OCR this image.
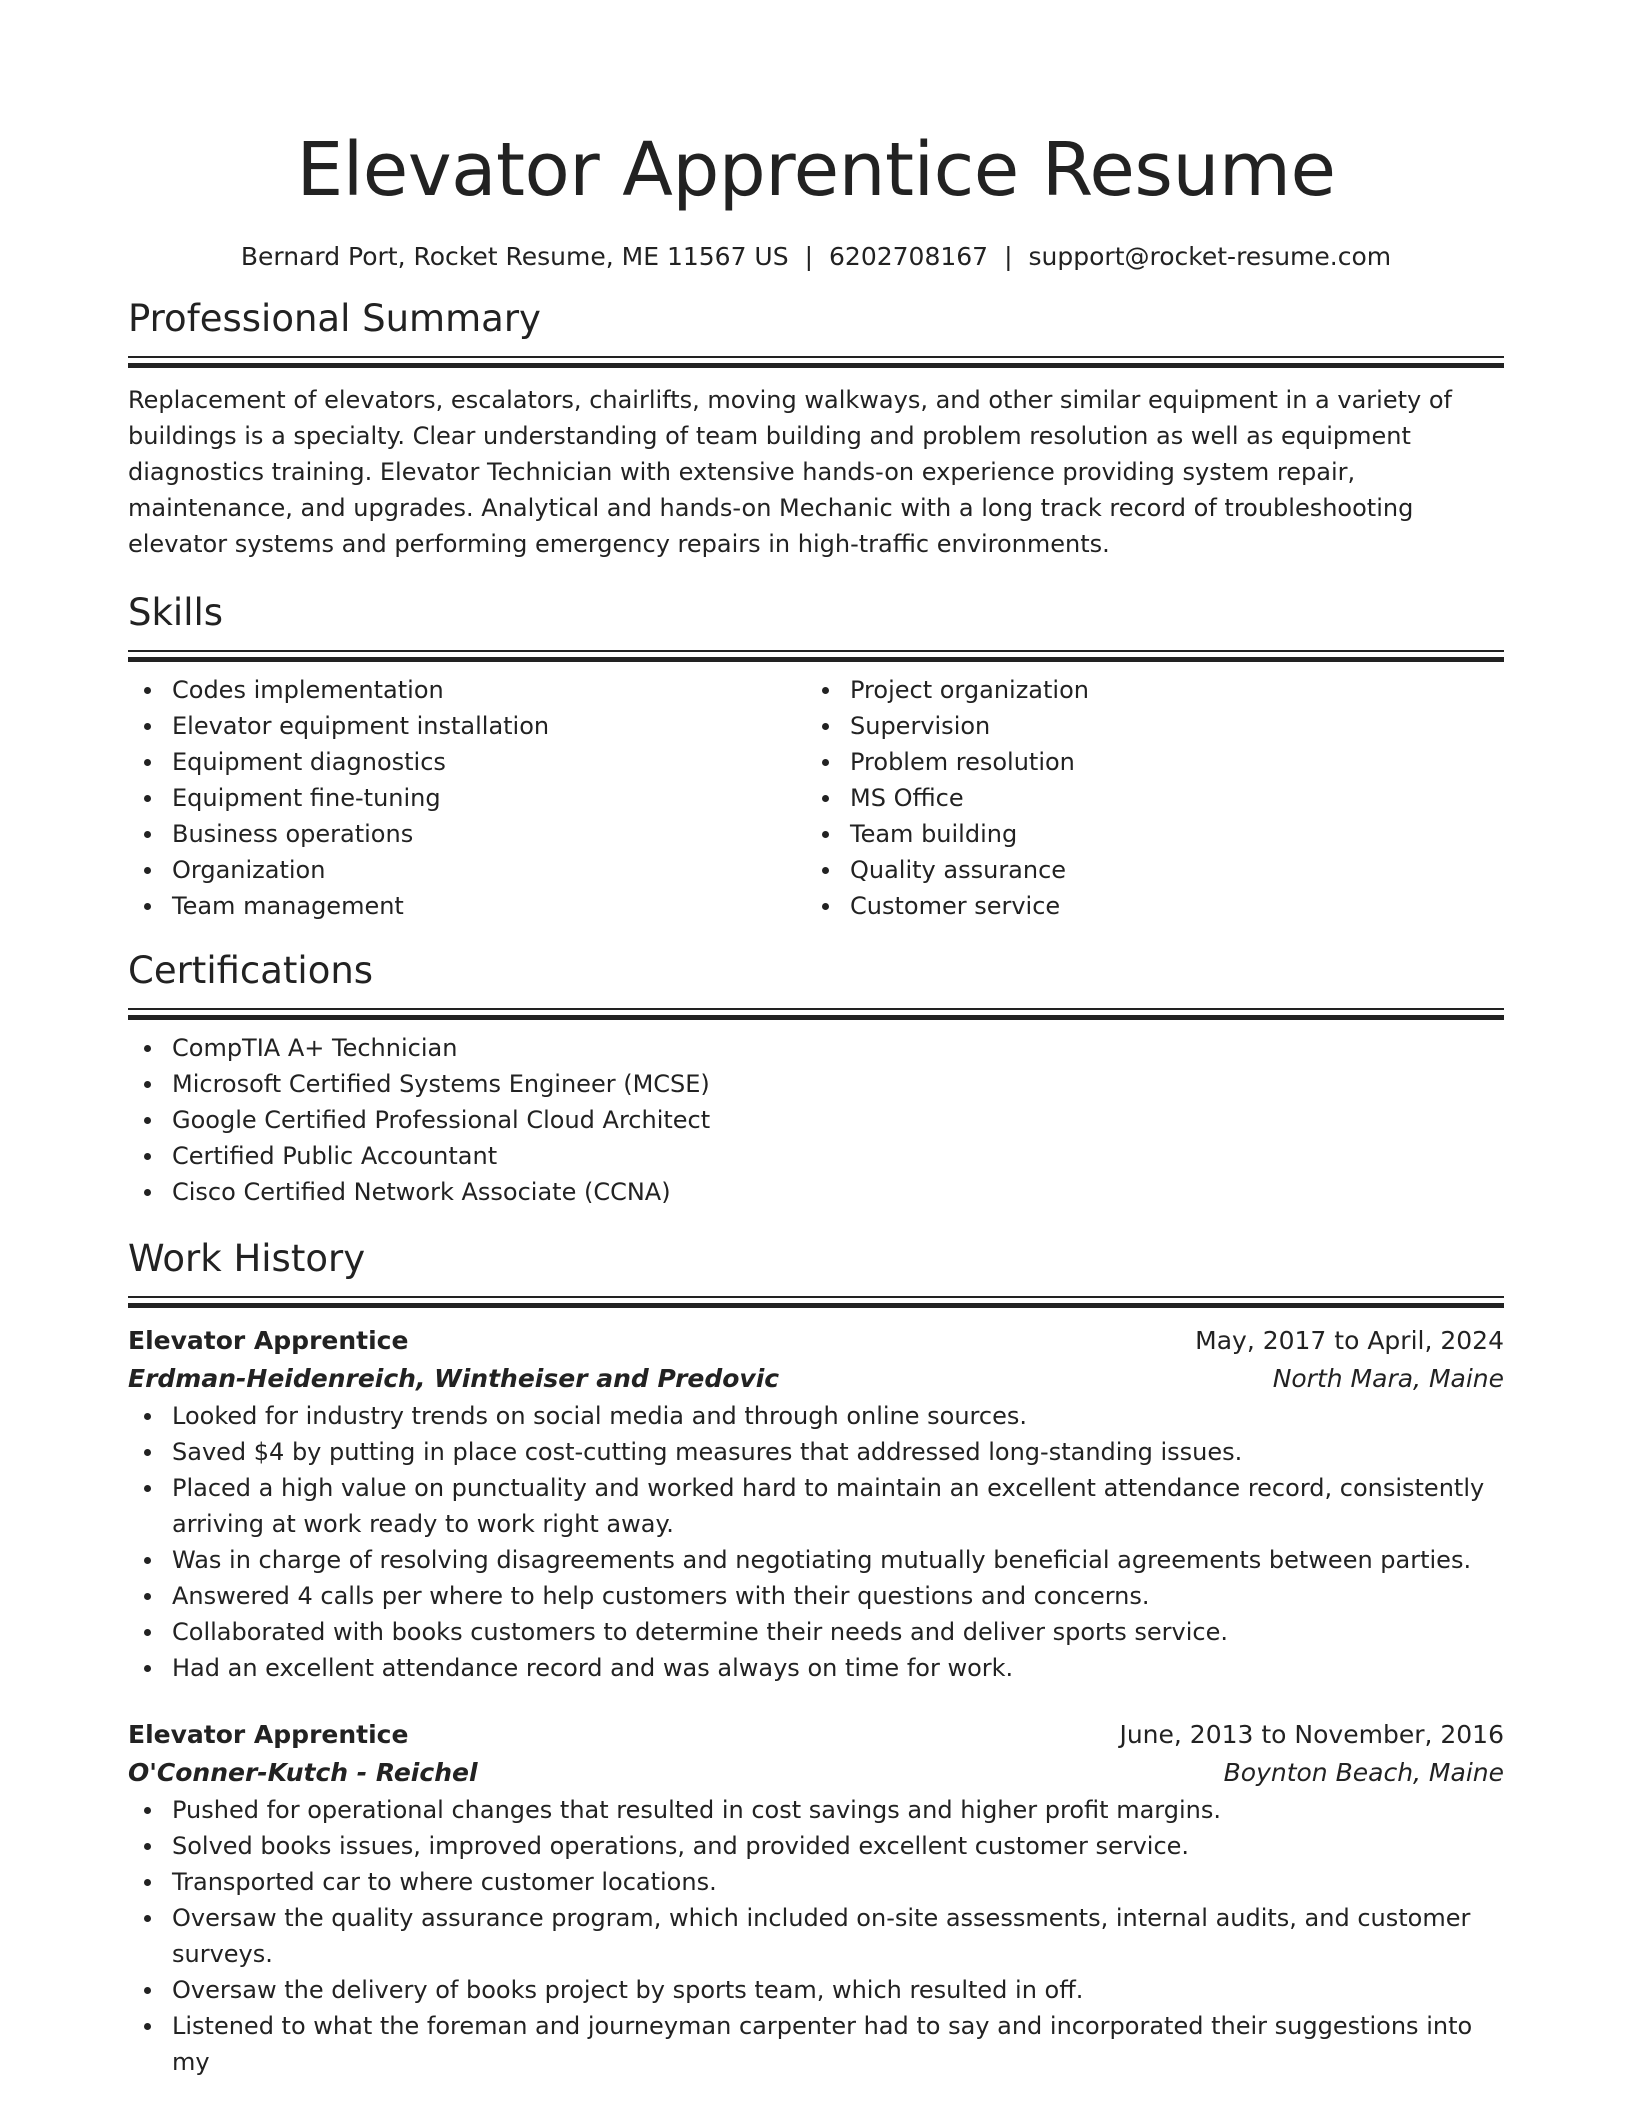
Elevator Apprentice Resume
Bernard Port, Rocket Resume, ME 11567 US | 6202708167 | support@rocket-resume.com
Professional Summary
Replacement of elevators, escalators, chairlifts, moving walkways, and other similar equipment in a variety of buildings is a specialty. Clear understanding of team building and problem resolution as well as equipment diagnostics training. Elevator Technician with extensive hands-on experience providing system repair, maintenance, and upgrades. Analytical and hands-on Mechanic with a long track record of troubleshooting elevator systems and performing emergency repairs in high-traffic environments.
Skills
Codes implementation
Elevator equipment installation
Equipment diagnostics
Equipment fine-tuning
Business operations
Organization
Team management
Project organization
Supervision
Problem resolution
MS Office
Team building
Quality assurance
Customer service
Certifications
CompTIA A+ Technician
Microsoft Certified Systems Engineer (MCSE)
Google Certified Professional Cloud Architect
Certified Public Accountant
Cisco Certified Network Associate (CCNA)
Work History
Elevator Apprentice	May, 2017 to April, 2024
Erdman-Heidenreich, Wintheiser and Predovic	North Mara, Maine
Looked for industry trends on social media and through online sources.
Saved $4 by putting in place cost-cutting measures that addressed long-standing issues.
Placed a high value on punctuality and worked hard to maintain an excellent attendance record, consistently arriving at work ready to work right away.
Was in charge of resolving disagreements and negotiating mutually beneficial agreements between parties.
Answered 4 calls per where to help customers with their questions and concerns.
Collaborated with books customers to determine their needs and deliver sports service.
Had an excellent attendance record and was always on time for work.
Elevator Apprentice	June, 2013 to November, 2016
O'Conner-Kutch - Reichel	Boynton Beach, Maine
Pushed for operational changes that resulted in cost savings and higher profit margins.
Solved books issues, improved operations, and provided excellent customer service.
Transported car to where customer locations.
Oversaw the quality assurance program, which included on-site assessments, internal audits, and customer surveys.
Oversaw the delivery of books project by sports team, which resulted in off.
Listened to what the foreman and journeyman carpenter had to say and incorporated their suggestions into my
